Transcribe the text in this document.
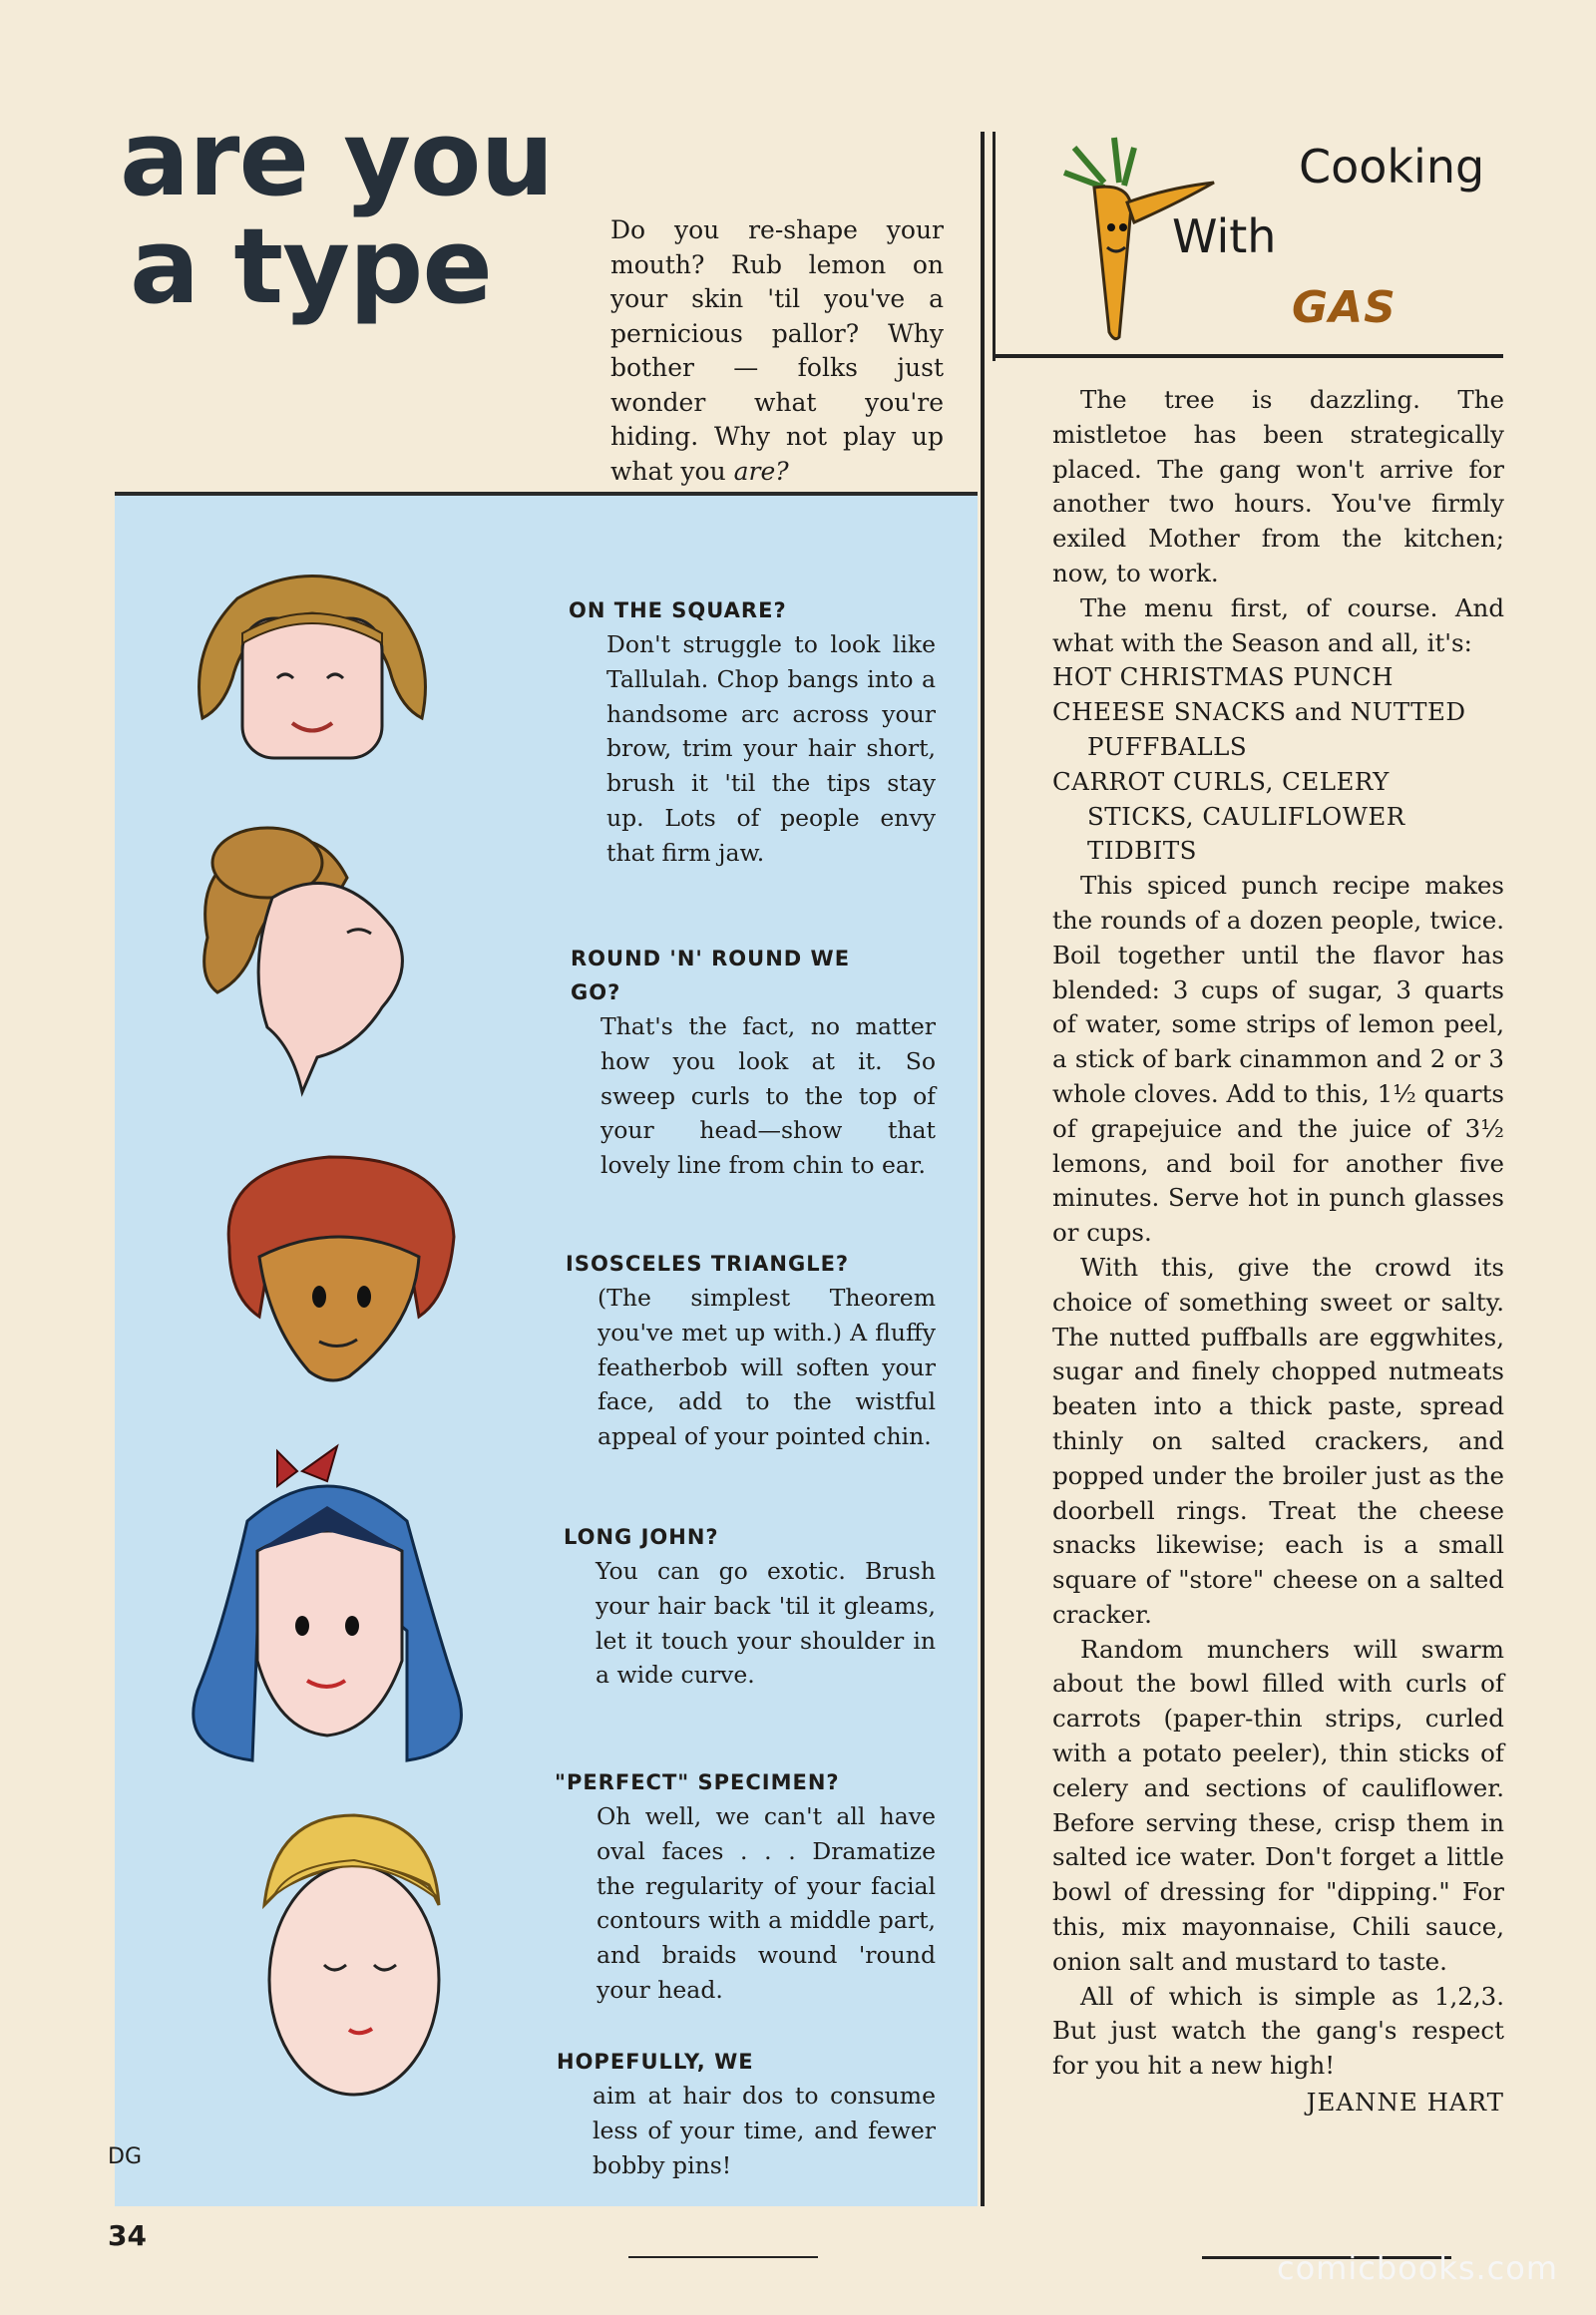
are you
a type	Do you re-shape your mouth? Rub lemon on your skin 'til you've a pernicious pallor? Why bother — folks just wonder what you're hiding. Why not play up what you are?
ON THE SQUARE?
Don't struggle to look like Tallulah. Chop bangs into a handsome arc across your brow, trim your hair short, brush it 'til the tips stay up. Lots of people envy that firm jaw.
ROUND 'N' ROUND WE GO?
That's the fact, no matter how you look at it. So sweep curls to the top of your head—show that lovely line from chin to ear.
ISOSCELES TRIANGLE?
(The simplest Theorem you've met up with.) A fluffy featherbob will soften your face, add to the wistful appeal of your pointed chin.
LONG JOHN?
You can go exotic. Brush your hair back 'til it gleams, let it touch your shoulder in a wide curve.
"PERFECT" SPECIMEN?
Oh well, we can't all have oval faces . . . Dramatize the regularity of your facial contours with a middle part, and braids wound 'round your head.
HOPEFULLY, WE
aim at hair dos to consume less of your time, and fewer bobby pins!
DG
34
Cooking
With
GAS

The tree is dazzling. The mistletoe has been strategically placed. The gang won't arrive for another two hours. You've firmly exiled Mother from the kitchen; now, to work.

The menu first, of course. And what with the Season and all, it's:

HOT CHRISTMAS PUNCH

CHEESE SNACKS and NUTTED

PUFFBALLS

CARROT CURLS, CELERY

STICKS, CAULIFLOWER TIDBITS

This spiced punch recipe makes the rounds of a dozen people, twice. Boil together until the flavor has blended: 3 cups of sugar, 3 quarts of water, some strips of lemon peel, a stick of bark cinammon and 2 or 3 whole cloves. Add to this, 1½ quarts of grapejuice and the juice of 3½ lemons, and boil for another five minutes. Serve hot in punch glasses or cups.

With this, give the crowd its choice of something sweet or salty. The nutted puffballs are eggwhites, sugar and finely chopped nutmeats beaten into a thick paste, spread thinly on salted crackers, and popped under the broiler just as the doorbell rings. Treat the cheese snacks likewise; each is a small square of "store" cheese on a salted cracker.

Random munchers will swarm about the bowl filled with curls of carrots (paper-thin strips, curled with a potato peeler), thin sticks of celery and sections of cauliflower. Before serving these, crisp them in salted ice water. Don't forget a little bowl of dressing for "dipping." For this, mix mayonnaise, Chili sauce, onion salt and mustard to taste.

All of which is simple as 1,2,3. But just watch the gang's respect for you hit a new high!

JEANNE HART

comicbooks.com
